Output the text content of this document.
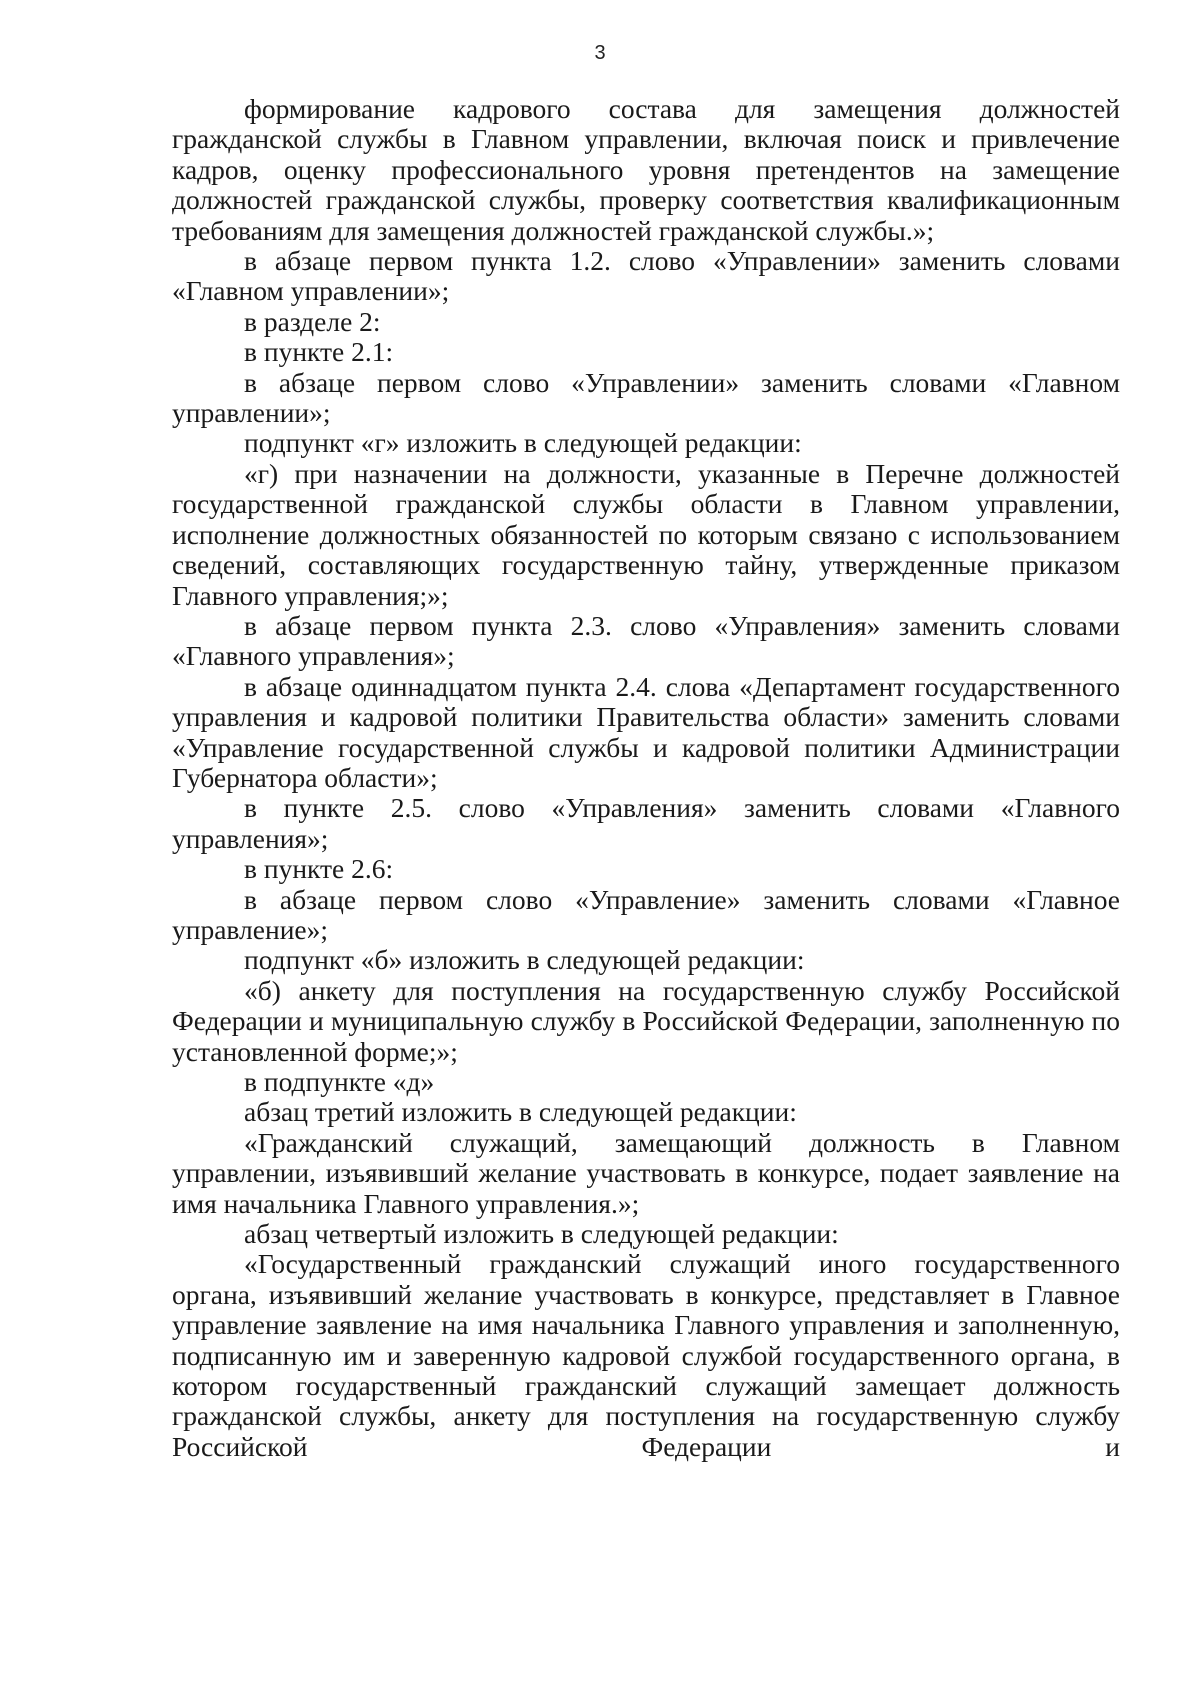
3

формирование кадрового состава для замещения должностей гражданской службы в Главном управлении, включая поиск и привлечение кадров, оценку профессионального уровня претендентов на замещение должностей гражданской службы, проверку соответствия квалификационным требованиям для замещения должностей гражданской службы.»;

в абзаце первом пункта 1.2. слово «Управлении» заменить словами «Главном управлении»;

в разделе 2:

в пункте 2.1:

в абзаце первом слово «Управлении» заменить словами «Главном управлении»;

подпункт «г» изложить в следующей редакции:

«г) при назначении на должности, указанные в Перечне должностей государственной гражданской службы области в Главном управлении, исполнение должностных обязанностей по которым связано с использованием сведений, составляющих государственную тайну, утвержденные приказом Главного управления;»;

в абзаце первом пункта 2.3. слово «Управления» заменить словами «Главного управления»;

в абзаце одиннадцатом пункта 2.4. слова «Департамент государственного управления и кадровой политики Правительства области» заменить словами «Управление государственной службы и кадровой политики Администрации Губернатора области»;

в пункте 2.5. слово «Управления» заменить словами «Главного управления»;

в пункте 2.6:

в абзаце первом слово «Управление» заменить словами «Главное управление»;

подпункт «б» изложить в следующей редакции:

«б) анкету для поступления на государственную службу Российской Федерации и муниципальную службу в Российской Федерации, заполненную по установленной форме;»;

в подпункте «д»

абзац третий изложить в следующей редакции:

«Гражданский служащий, замещающий должность в Главном управлении, изъявивший желание участвовать в конкурсе, подает заявление на имя начальника Главного управления.»;

абзац четвертый изложить в следующей редакции:

«Государственный гражданский служащий иного государственного органа, изъявивший желание участвовать в конкурсе, представляет в Главное управление заявление на имя начальника Главного управления и заполненную, подписанную им и заверенную кадровой службой государственного органа, в котором государственный гражданский служащий замещает должность гражданской службы, анкету для поступления на государственную службу Российской Федерации и
